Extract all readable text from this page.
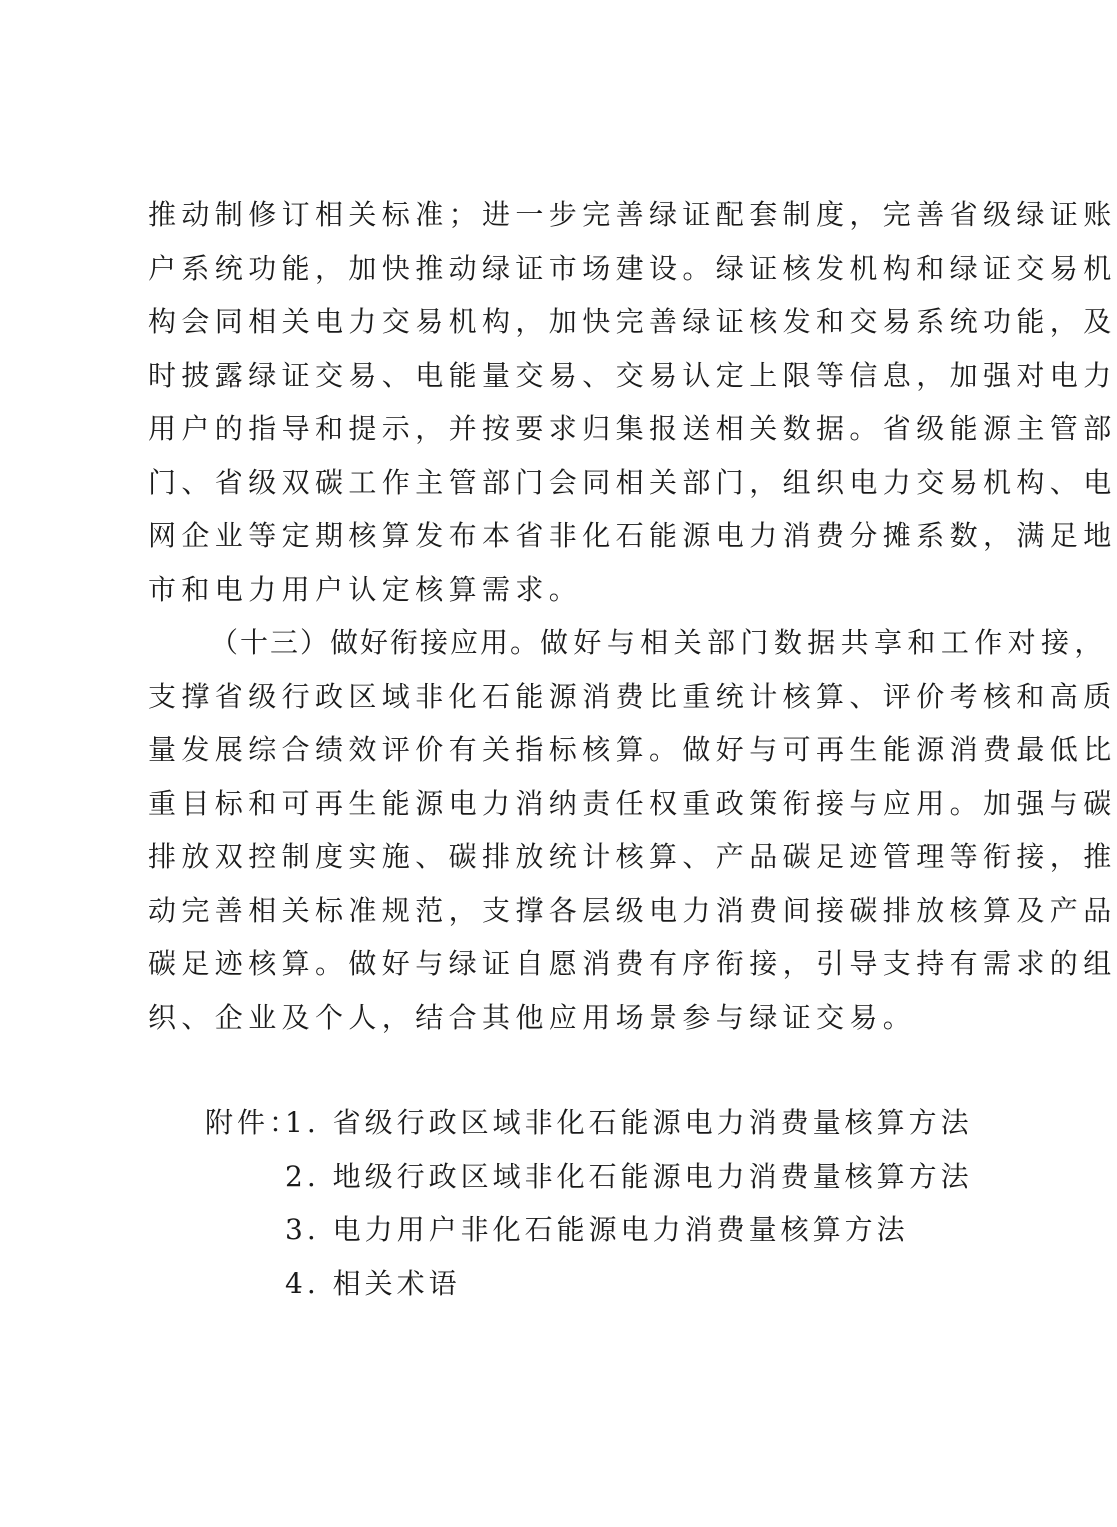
推动制修订相关标准；进一步完善绿证配套制度，完善省级绿证账
户系统功能，加快推动绿证市场建设。绿证核发机构和绿证交易机
构会同相关电力交易机构，加快完善绿证核发和交易系统功能，及
时披露绿证交易、电能量交易、交易认定上限等信息，加强对电力
用户的指导和提示，并按要求归集报送相关数据。省级能源主管部
门、省级双碳工作主管部门会同相关部门，组织电力交易机构、电
网企业等定期核算发布本省非化石能源电力消费分摊系数，满足地
市和电力用户认定核算需求。
（十三）做好衔接应用。做好与相关部门数据共享和工作对接，
支撑省级行政区域非化石能源消费比重统计核算、评价考核和高质
量发展综合绩效评价有关指标核算。做好与可再生能源消费最低比
重目标和可再生能源电力消纳责任权重政策衔接与应用。加强与碳
排放双控制度实施、碳排放统计核算、产品碳足迹管理等衔接，推
动完善相关标准规范，支撑各层级电力消费间接碳排放核算及产品
碳足迹核算。做好与绿证自愿消费有序衔接，引导支持有需求的组
织、企业及个人，结合其他应用场景参与绿证交易。
附件：
1. 省级行政区域非化石能源电力消费量核算方法
2. 地级行政区域非化石能源电力消费量核算方法
3. 电力用户非化石能源电力消费量核算方法
4. 相关术语
